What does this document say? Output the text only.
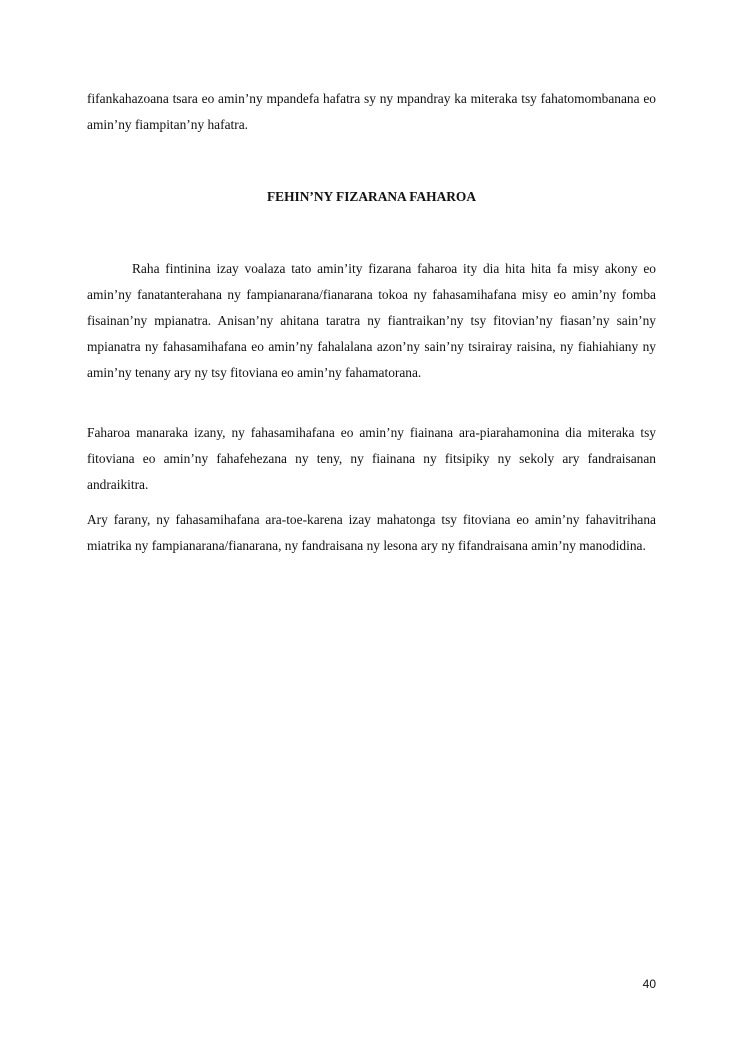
fifankahazoana tsara eo amin’ny mpandefa hafatra sy ny mpandray ka miteraka tsy fahatomombanana eo amin’ny fiampitan’ny hafatra.

FEHIN’NY FIZARANA FAHAROA

Raha fintinina izay voalaza tato amin’ity fizarana faharoa ity dia hita hita fa misy akony eo amin’ny fanatanterahana ny fampianarana/fianarana tokoa ny fahasamihafana misy eo amin’ny fomba fisainan’ny mpianatra. Anisan’ny ahitana taratra ny fiantraikan’ny tsy fitovian’ny fiasan’ny sain’ny mpianatra ny fahasamihafana eo amin’ny fahalalana azon’ny sain’ny tsirairay raisina, ny fiahiahiany ny amin’ny tenany ary ny tsy fitoviana eo amin’ny fahamatorana.

Faharoa manaraka izany, ny fahasamihafana eo amin’ny fiainana ara-piarahamonina dia miteraka tsy fitoviana eo amin’ny fahafehezana ny teny, ny fiainana ny fitsipiky ny sekoly ary fandraisanan andraikitra.

Ary farany, ny fahasamihafana ara-toe-karena izay mahatonga tsy fitoviana eo amin’ny fahavitrihana miatrika ny fampianarana/fianarana, ny fandraisana ny lesona ary ny fifandraisana amin’ny manodidina.

40
